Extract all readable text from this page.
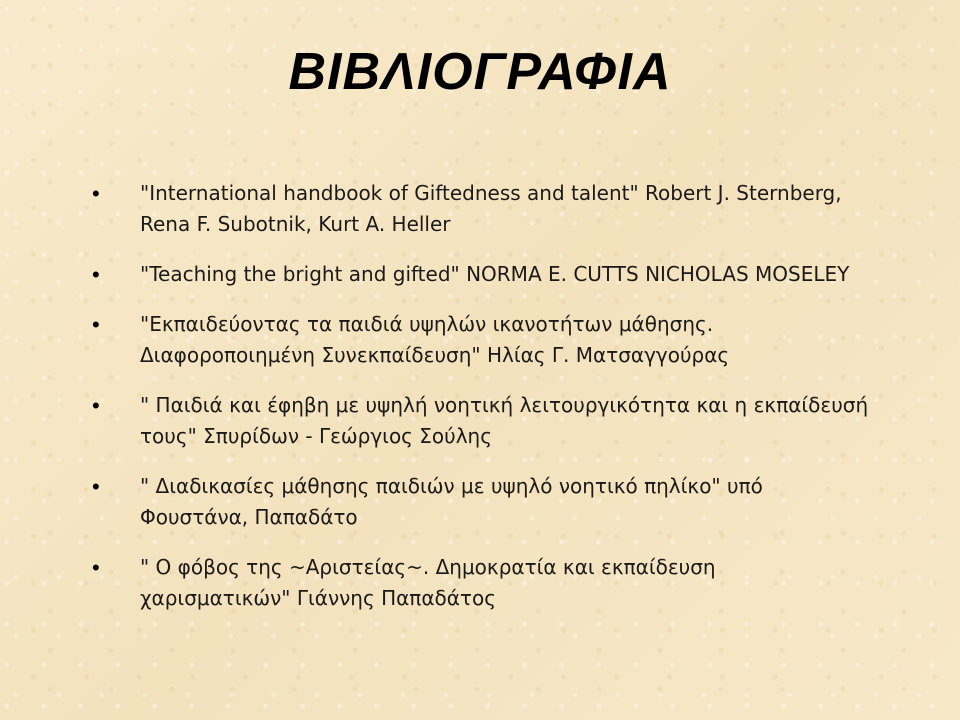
ΒΙΒΛΙΟΓΡΑΦΙΑ
•	"International handbook of Giftedness and talent" Robert J. Sternberg, Rena F. Subotnik, Kurt A. Heller
•	"Teaching the bright and gifted" NORMA E. CUTTS NICHOLAS MOSELEY
•	"Εκπαιδεύοντας τα παιδιά υψηλών ικανοτήτων μάθησης. Διαφοροποιημένη Συνεκπαίδευση" Ηλίας Γ. Ματσαγγούρας
•	" Παιδιά και έφηβη με υψηλή νοητική λειτουργικότητα και η εκπαίδευσή τους" Σπυρίδων - Γεώργιος Σούλης
•	" Διαδικασίες μάθησης παιδιών με υψηλό νοητικό πηλίκο" υπό Φουστάνα, Παπαδάτο
•	" Ο φόβος της ~Αριστείας~. Δημοκρατία και εκπαίδευση χαρισματικών" Γιάννης Παπαδάτος
